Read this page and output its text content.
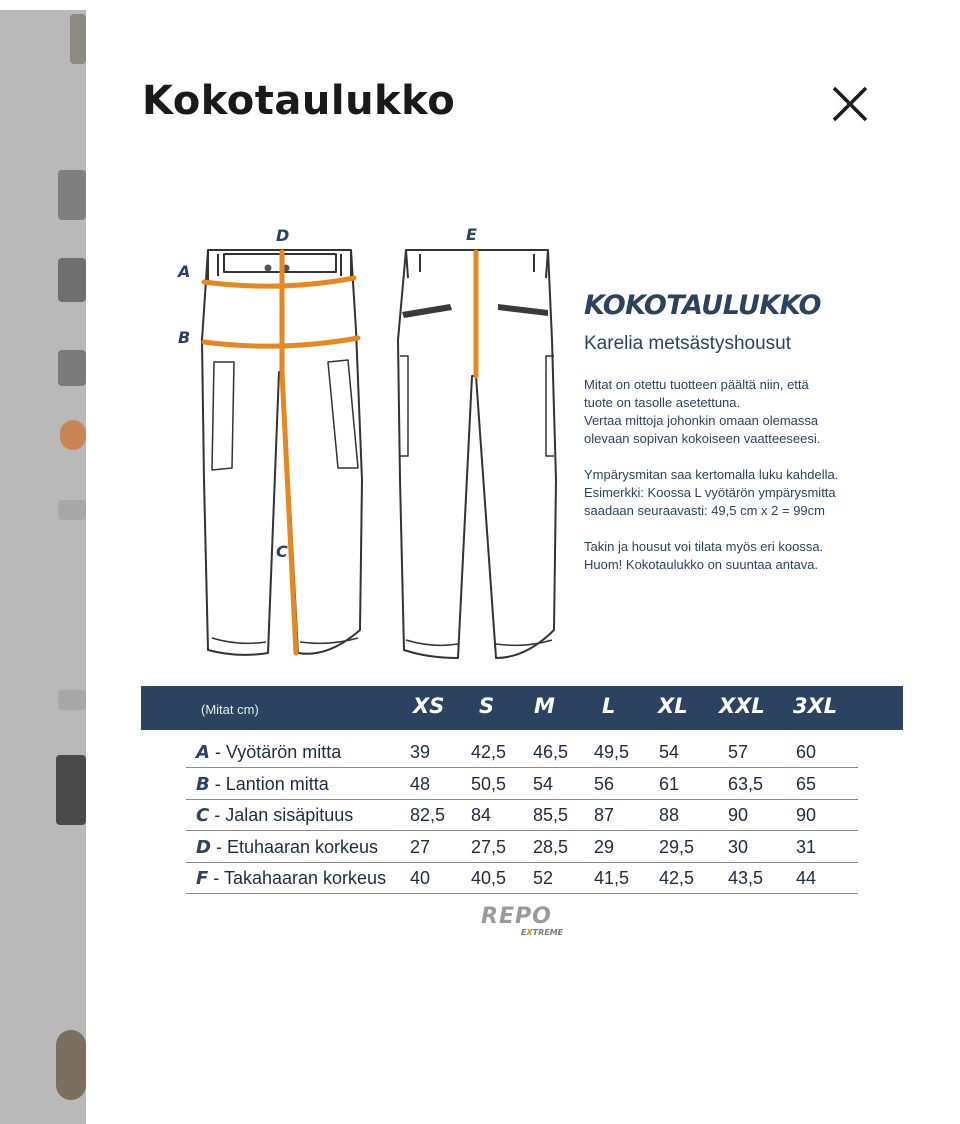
Kokotaulukko
A
B
C
D	E
KOKOTAULUKKO
Karelia metsästyshousut
Mitat on otettu tuotteen päältä niin, että
tuote on tasolle asetettuna.
Vertaa mittoja johonkin omaan olemassa
olevaan sopivan kokoiseen vaatteeseesi.
Ympärysmitan saa kertomalla luku kahdella.
Esimerkki: Koossa L vyötärön ympärysmitta
saadaan seuraavasti: 49,5 cm x 2 = 99cm
Takin ja housut voi tilata myös eri koossa.
Huom! Kokotaulukko on suuntaa antava.
(Mitat cm)	XS S M L XL XXL 3XL
A - Vyötärön mitta	39 42,5 46,5 49,5 54	57	60
B - Lantion mitta	48 50,5 54 56 61	63,5 65
C - Jalan sisäpituus	82,5 84 85,5 87 88	90	90
D - Etuhaaran korkeus 27 27,5 28,5 29 29,5 30	31
F - Takahaaran korkeus 40 40,5 52 41,5 42,5 43,5 44
REPO
EXTREME
